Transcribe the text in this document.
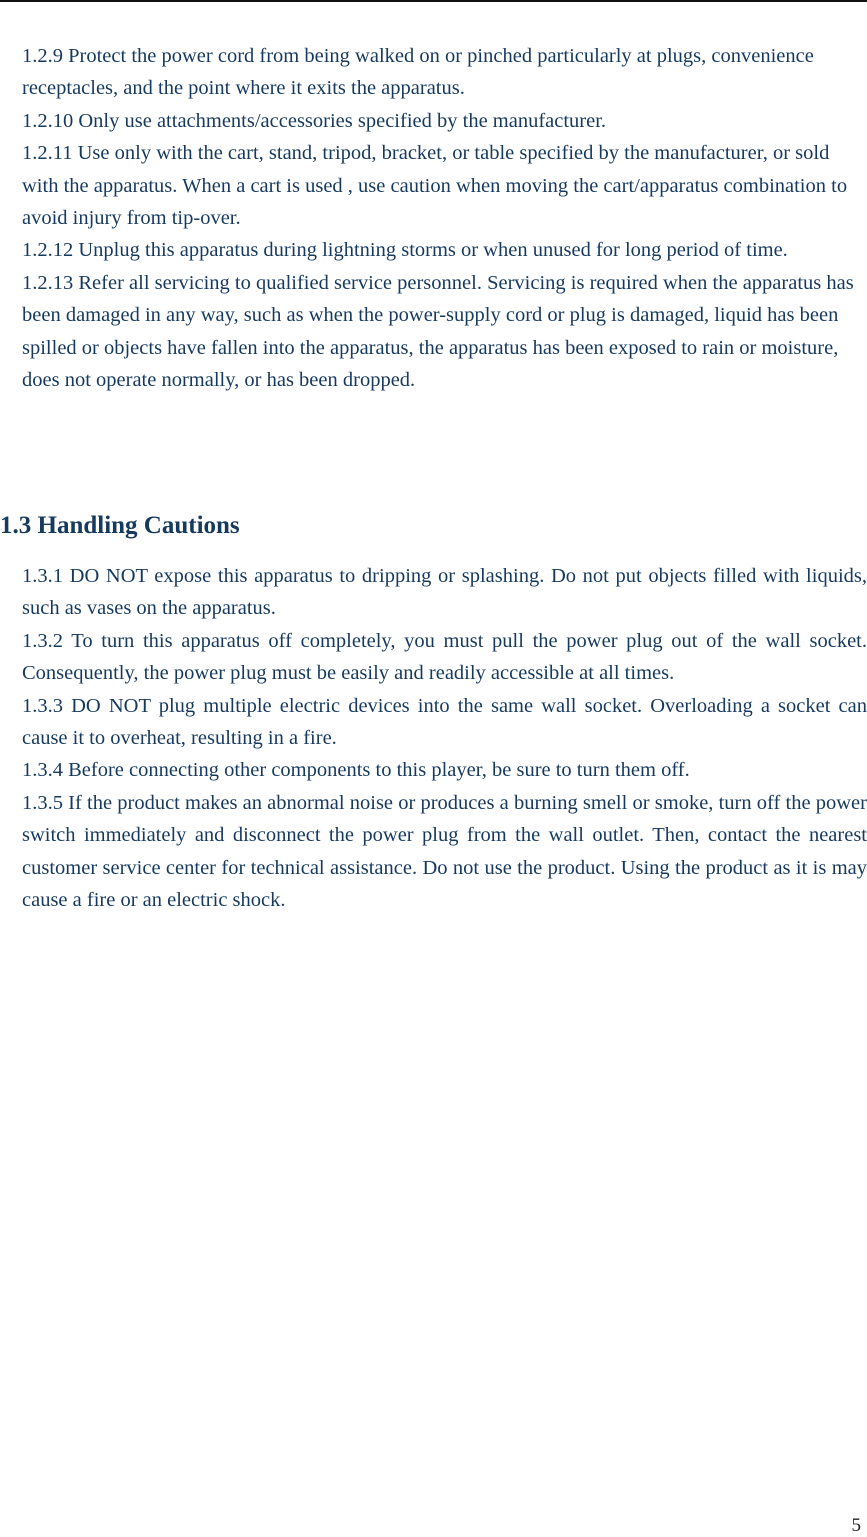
1.2.9 Protect the power cord from being walked on or pinched particularly at plugs, convenience receptacles, and the point where it exits the apparatus.

1.2.10 Only use attachments/accessories specified by the manufacturer.

1.2.11 Use only with the cart, stand, tripod, bracket, or table specified by the manufacturer, or sold with the apparatus. When a cart is used , use caution when moving the cart/apparatus combination to avoid injury from tip-over.

1.2.12 Unplug this apparatus during lightning storms or when unused for long period of time.

1.2.13 Refer all servicing to qualified service personnel. Servicing is required when the apparatus has been damaged in any way, such as when the power-supply cord or plug is damaged, liquid has been spilled or objects have fallen into the apparatus, the apparatus has been exposed to rain or moisture, does not operate normally, or has been dropped.

1.3 Handling Cautions

1.3.1 DO NOT expose this apparatus to dripping or splashing. Do not put objects filled with liquids, such as vases on the apparatus.

1.3.2 To turn this apparatus off completely, you must pull the power plug out of the wall socket. Consequently, the power plug must be easily and readily accessible at all times.

1.3.3 DO NOT plug multiple electric devices into the same wall socket. Overloading a socket can cause it to overheat, resulting in a fire.

1.3.4 Before connecting other components to this player, be sure to turn them off.

1.3.5 If the product makes an abnormal noise or produces a burning smell or smoke, turn off the power switch immediately and disconnect the power plug from the wall outlet. Then, contact the nearest customer service center for technical assistance. Do not use the product. Using the product as it is may cause a fire or an electric shock.

5
